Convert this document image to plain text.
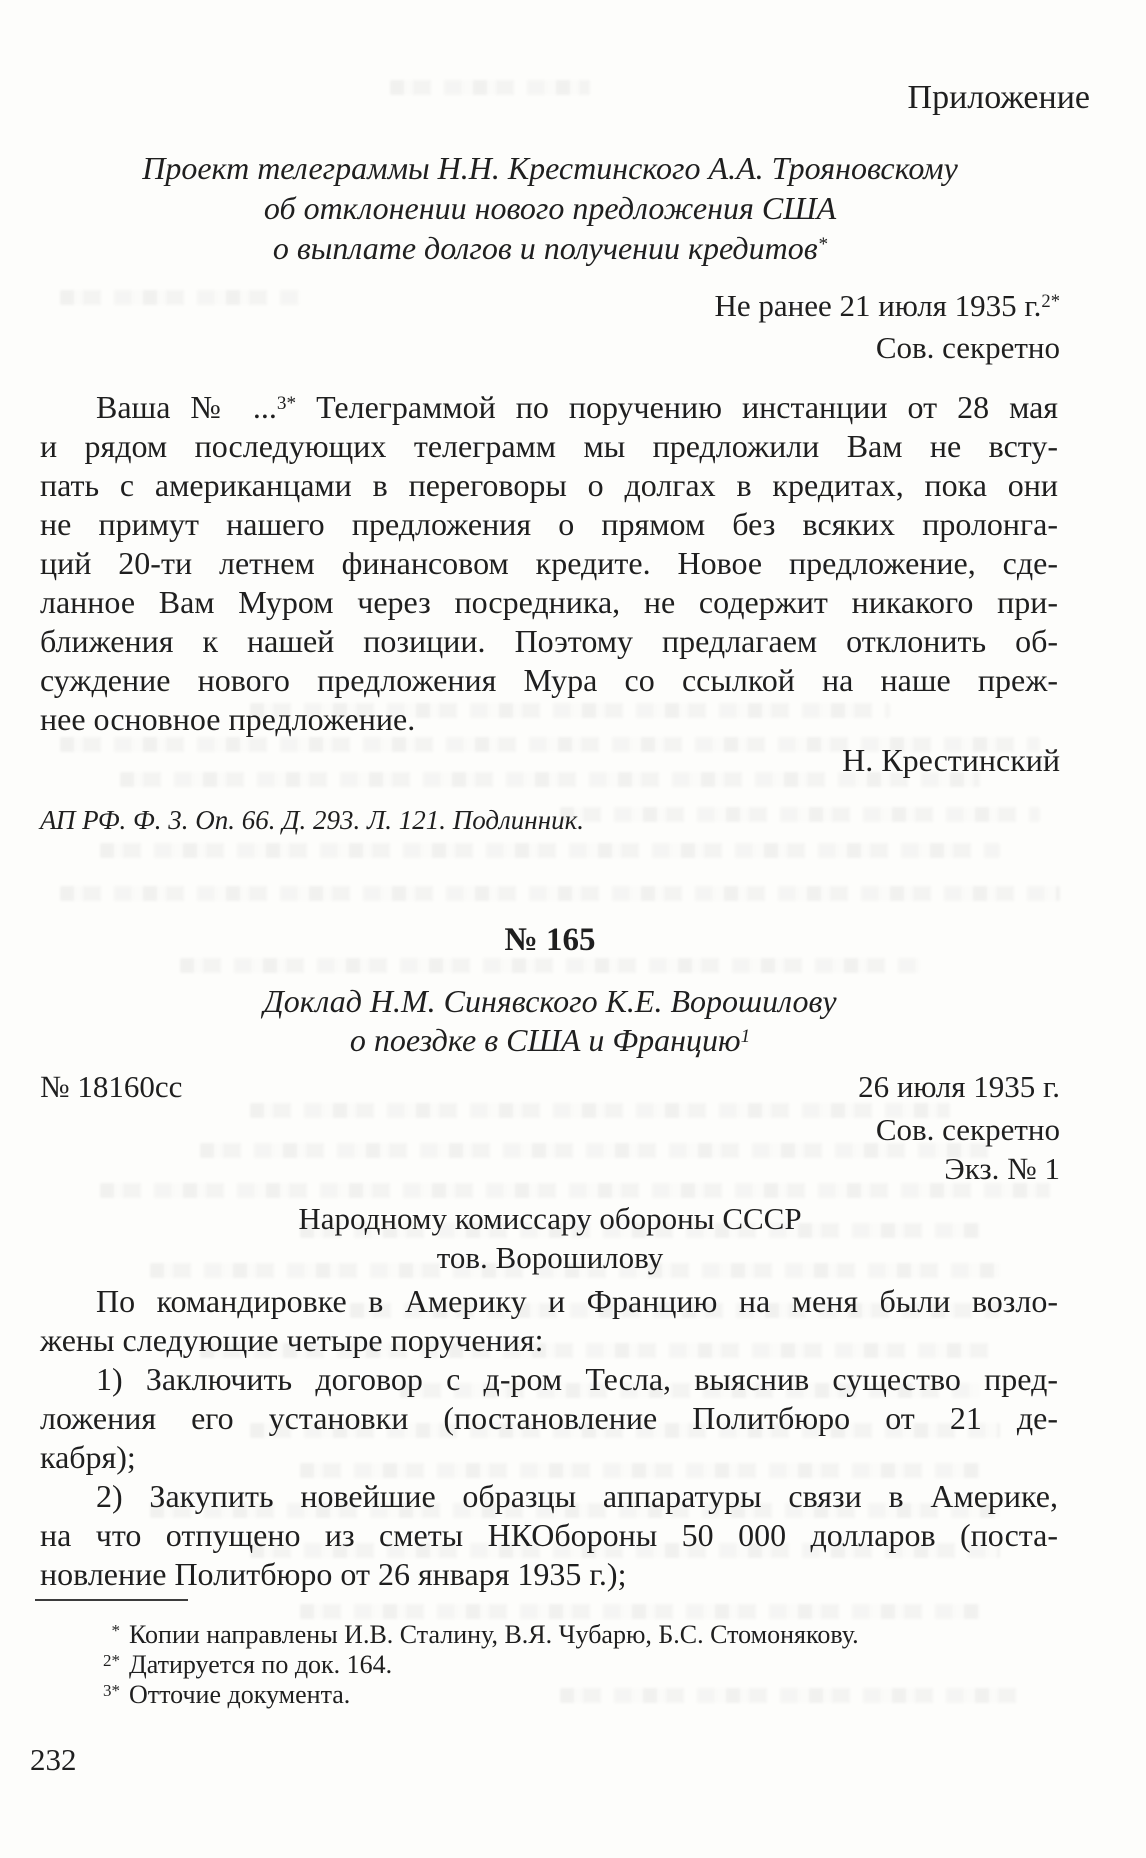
Приложение
Проект телеграммы Н.Н. Крестинского А.А. Трояновскому
об отклонении нового предложения США
о выплате долгов и получении кредитов*
Не ранее 21 июля 1935 г.$^{2*}$
Сов. секретно
Ваша № ...$^{3*}$ Телеграммой по поручению инстанции от 28 мая
и рядом последующих телеграмм мы предложили Вам не всту-
пать с американцами в переговоры о долгах в кредитах, пока они
не примут нашего предложения о прямом без всяких пролонга-
ций 20-ти летнем финансовом кредите. Новое предложение, сде-
ланное Вам Муром через посредника, не содержит никакого при-
ближения к нашей позиции. Поэтому предлагаем отклонить об-
суждение нового предложения Мура со ссылкой на наше преж-
нее основное предложение.
Н. Крестинский
АП РФ. Ф. 3. Оп. 66. Д. 293. Л. 121. Подлинник.
№ 165
Доклад Н.М. Синявского К.Е. Ворошилову
о поездке в США и Францию$^1$
№ 18160сс	26 июля 1935 г.
Сов. секретно
Экз. № 1
Народному комиссару обороны СССР
тов. Ворошилову
По командировке в Америку и Францию на меня были возло-
жены следующие четыре поручения:
1) Заключить договор с д-ром Тесла, выяснив существо пред-
ложения его установки (постановление Политбюро от 21 де-
кабря);
2) Закупить новейшие образцы аппаратуры связи в Америке,
на что отпущено из сметы НКОбороны 50 000 долларов (поста-
новление Политбюро от 26 января 1935 г.);
* Копии направлены И.В. Сталину, В.Я. Чубарю, Б.С. Стомонякову.
$^{2*}$ Датируется по док. 164.
$^{3*}$ Отточие документа.
232
